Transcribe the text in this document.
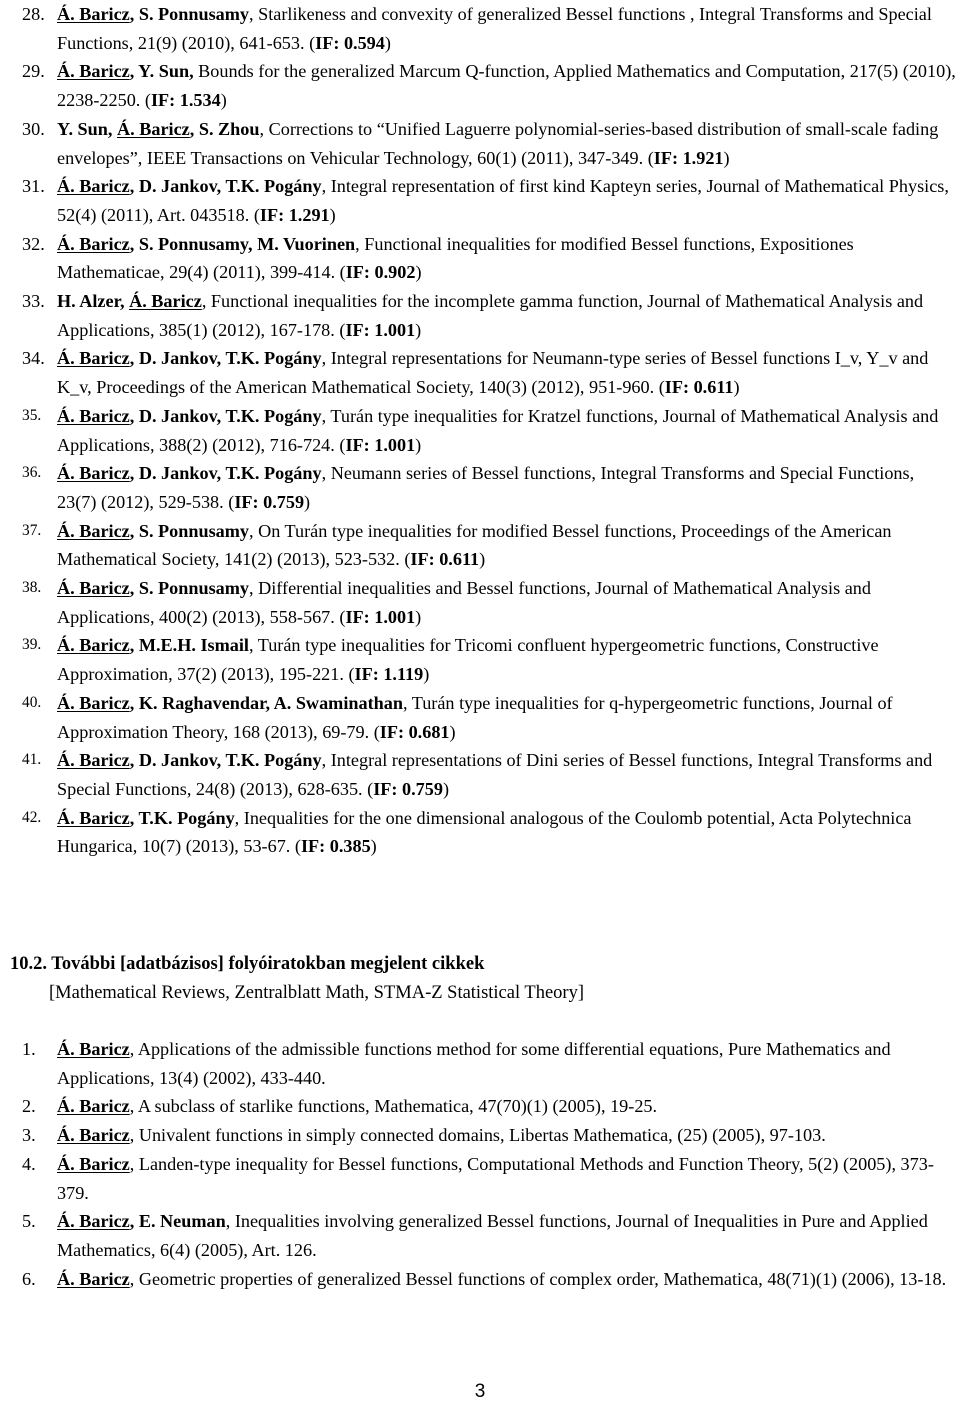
28. Á. Baricz, S. Ponnusamy, Starlikeness and convexity of generalized Bessel functions , Integral Transforms and Special Functions, 21(9) (2010), 641-653. (IF: 0.594)
29. Á. Baricz, Y. Sun, Bounds for the generalized Marcum Q-function, Applied Mathematics and Computation, 217(5) (2010), 2238-2250. (IF: 1.534)
30. Y. Sun, Á. Baricz, S. Zhou, Corrections to “Unified Laguerre polynomial-series-based distribution of small-scale fading envelopes”, IEEE Transactions on Vehicular Technology, 60(1) (2011), 347-349. (IF: 1.921)
31. Á. Baricz, D. Jankov, T.K. Pogány, Integral representation of first kind Kapteyn series, Journal of Mathematical Physics, 52(4) (2011), Art. 043518. (IF: 1.291)
32. Á. Baricz, S. Ponnusamy, M. Vuorinen, Functional inequalities for modified Bessel functions, Expositiones Mathematicae, 29(4) (2011), 399-414. (IF: 0.902)
33. H. Alzer, Á. Baricz, Functional inequalities for the incomplete gamma function, Journal of Mathematical Analysis and Applications, 385(1) (2012), 167-178. (IF: 1.001)
34. Á. Baricz, D. Jankov, T.K. Pogány, Integral representations for Neumann-type series of Bessel functions I_v, Y_v and K_v, Proceedings of the American Mathematical Society, 140(3) (2012), 951-960. (IF: 0.611)
35. Á. Baricz, D. Jankov, T.K. Pogány, Turán type inequalities for Kratzel functions, Journal of Mathematical Analysis and Applications, 388(2) (2012), 716-724. (IF: 1.001)
36. Á. Baricz, D. Jankov, T.K. Pogány, Neumann series of Bessel functions, Integral Transforms and Special Functions, 23(7) (2012), 529-538. (IF: 0.759)
37. Á. Baricz, S. Ponnusamy, On Turán type inequalities for modified Bessel functions, Proceedings of the American Mathematical Society, 141(2) (2013), 523-532. (IF: 0.611)
38. Á. Baricz, S. Ponnusamy, Differential inequalities and Bessel functions, Journal of Mathematical Analysis and Applications, 400(2) (2013), 558-567. (IF: 1.001)
39. Á. Baricz, M.E.H. Ismail, Turán type inequalities for Tricomi confluent hypergeometric functions, Constructive Approximation, 37(2) (2013), 195-221. (IF: 1.119)
40. Á. Baricz, K. Raghavendar, A. Swaminathan, Turán type inequalities for q-hypergeometric functions, Journal of Approximation Theory, 168 (2013), 69-79. (IF: 0.681)
41. Á. Baricz, D. Jankov, T.K. Pogány, Integral representations of Dini series of Bessel functions, Integral Transforms and Special Functions, 24(8) (2013), 628-635. (IF: 0.759)
42. Á. Baricz, T.K. Pogány, Inequalities for the one dimensional analogous of the Coulomb potential, Acta Polytechnica Hungarica, 10(7) (2013), 53-67. (IF: 0.385)
10.2. További [adatbázisos] folyóiratokban megjelent cikkek
[Mathematical Reviews, Zentralblatt Math, STMA-Z Statistical Theory]
1. Á. Baricz, Applications of the admissible functions method for some differential equations, Pure Mathematics and Applications, 13(4) (2002), 433-440.
2. Á. Baricz, A subclass of starlike functions, Mathematica, 47(70)(1) (2005), 19-25.
3. Á. Baricz, Univalent functions in simply connected domains, Libertas Mathematica, (25) (2005), 97-103.
4. Á. Baricz, Landen-type inequality for Bessel functions, Computational Methods and Function Theory, 5(2) (2005), 373-379.
5. Á. Baricz, E. Neuman, Inequalities involving generalized Bessel functions, Journal of Inequalities in Pure and Applied Mathematics, 6(4) (2005), Art. 126.
6. Á. Baricz, Geometric properties of generalized Bessel functions of complex order, Mathematica, 48(71)(1) (2006), 13-18.
3
